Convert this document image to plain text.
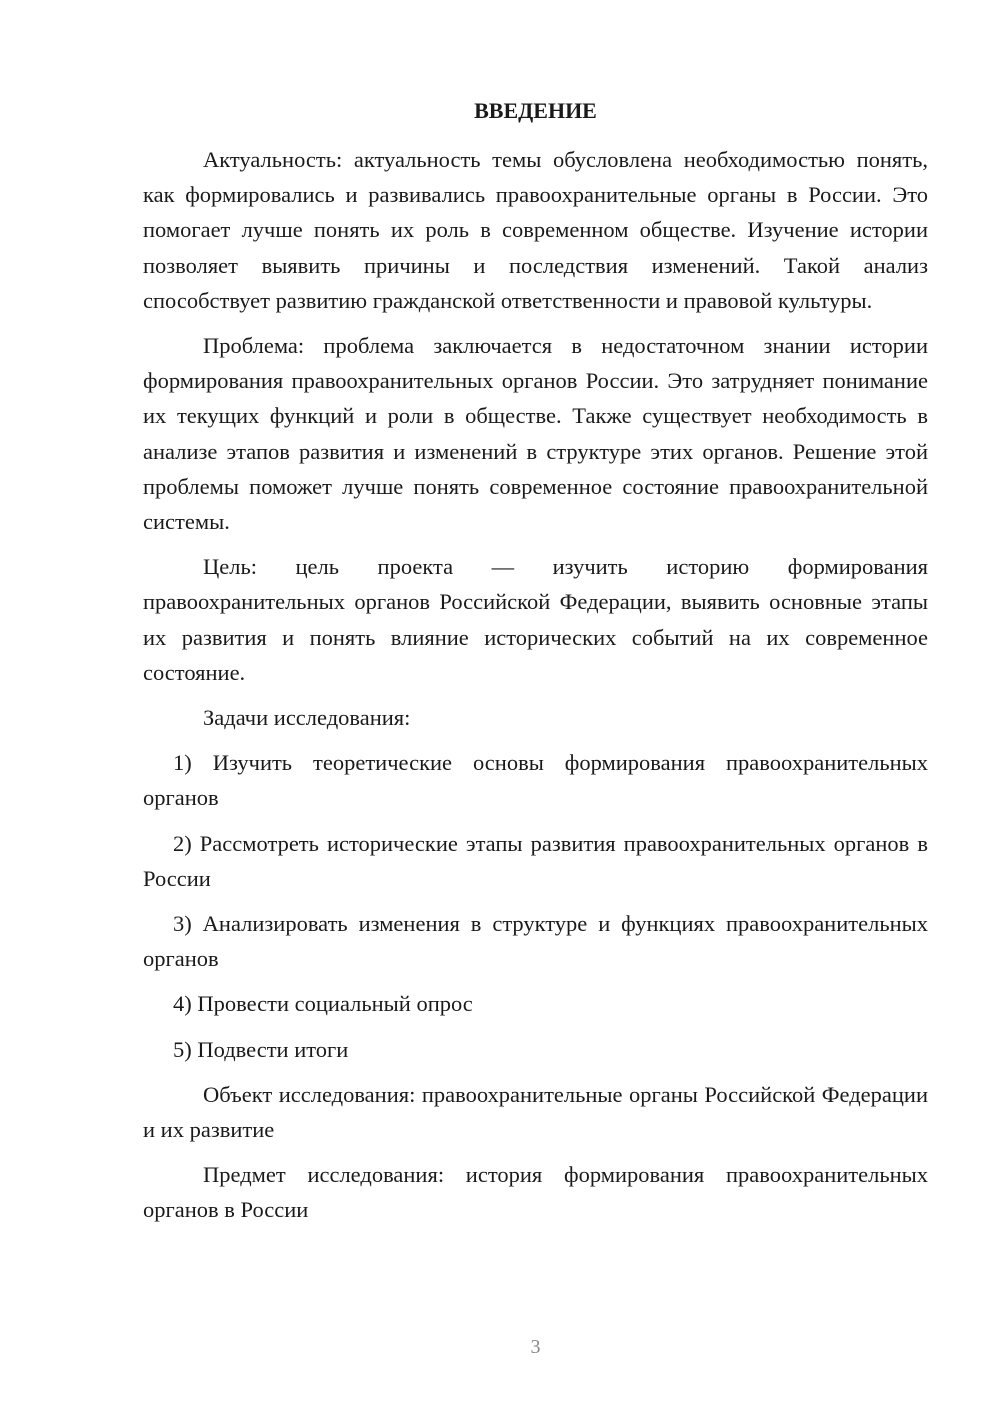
ВВЕДЕНИЕ

Актуальность: актуальность темы обусловлена необходимостью понять, как формировались и развивались правоохранительные органы в России. Это помогает лучше понять их роль в современном обществе. Изучение истории позволяет выявить причины и последствия изменений. Такой анализ способствует развитию гражданской ответственности и правовой культуры.

Проблема: проблема заключается в недостаточном знании истории формирования правоохранительных органов России. Это затрудняет понимание их текущих функций и роли в обществе. Также существует необходимость в анализе этапов развития и изменений в структуре этих органов. Решение этой проблемы поможет лучше понять современное состояние правоохранительной системы.

Цель: цель проекта — изучить историю формирования правоохранительных органов Российской Федерации, выявить основные этапы их развития и понять влияние исторических событий на их современное состояние.

Задачи исследования:

1) Изучить теоретические основы формирования правоохранительных органов

2) Рассмотреть исторические этапы развития правоохранительных органов в России

3) Анализировать изменения в структуре и функциях правоохранительных органов

4) Провести социальный опрос

5) Подвести итоги

Объект исследования: правоохранительные органы Российской Федерации и их развитие

Предмет исследования: история формирования правоохранительных органов в России

3
